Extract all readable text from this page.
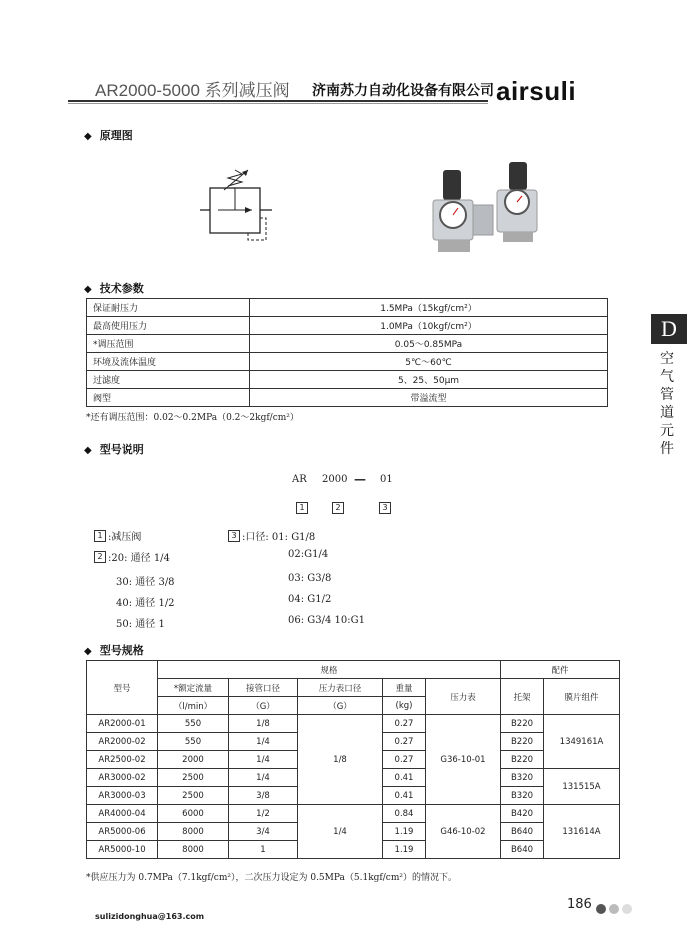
AR2000-5000 系列减压阀 济南苏力自动化设备有限公司 airsuli
◆ 原理图
◆ 技术参数
保证耐压力	1.5MPa（15kgf/cm²）
最高使用压力	1.0MPa（10kgf/cm²）
*调压范围	0.05～0.85MPa
环境及流体温度	5℃～60℃
过滤度	5、25、50μm
阀型	带溢流型
*还有调压范围：0.02～0.2MPa（0.2～2kgf/cm²）
◆ 型号说明
AR 2000 — 01
1	2	3
1 :减压阀	3 :口径: 01: G1/8
2 :20: 通径 1/4	02:G1/4
30: 通径 3/8	03: G3/8
40: 通径 1/2	04: G1/2
50: 通径 1	06: G3/4 10:G1
◆ 型号规格
型号	规格					配件	
	*额定流量	接管口径	压力表口径	重量	压力表	托架	膜片组件
	（l/min）	（G）	（G）	(kg)		
AR2000-01	550	1/8	1/8	0.27	G36-10-01	B220	1349161A
AR2000-02	550	1/4		0.27		B220	
AR2500-02	2000	1/4		0.27		B220	
AR3000-02	2500	1/4		0.41		B320	131515A
AR3000-03	2500	3/8		0.41		B320	
AR4000-04	6000	1/2	1/4	0.84	G46-10-02	B420	131614A
AR5000-06	8000	3/4		1.19		B640	
AR5000-10	8000	1		1.19		B640	
*供应压力为 0.7MPa（7.1kgf/cm²），二次压力设定为 0.5MPa（5.1kgf/cm²）的情况下。
D
空气管道元件
186
sulizidonghua@163.com
